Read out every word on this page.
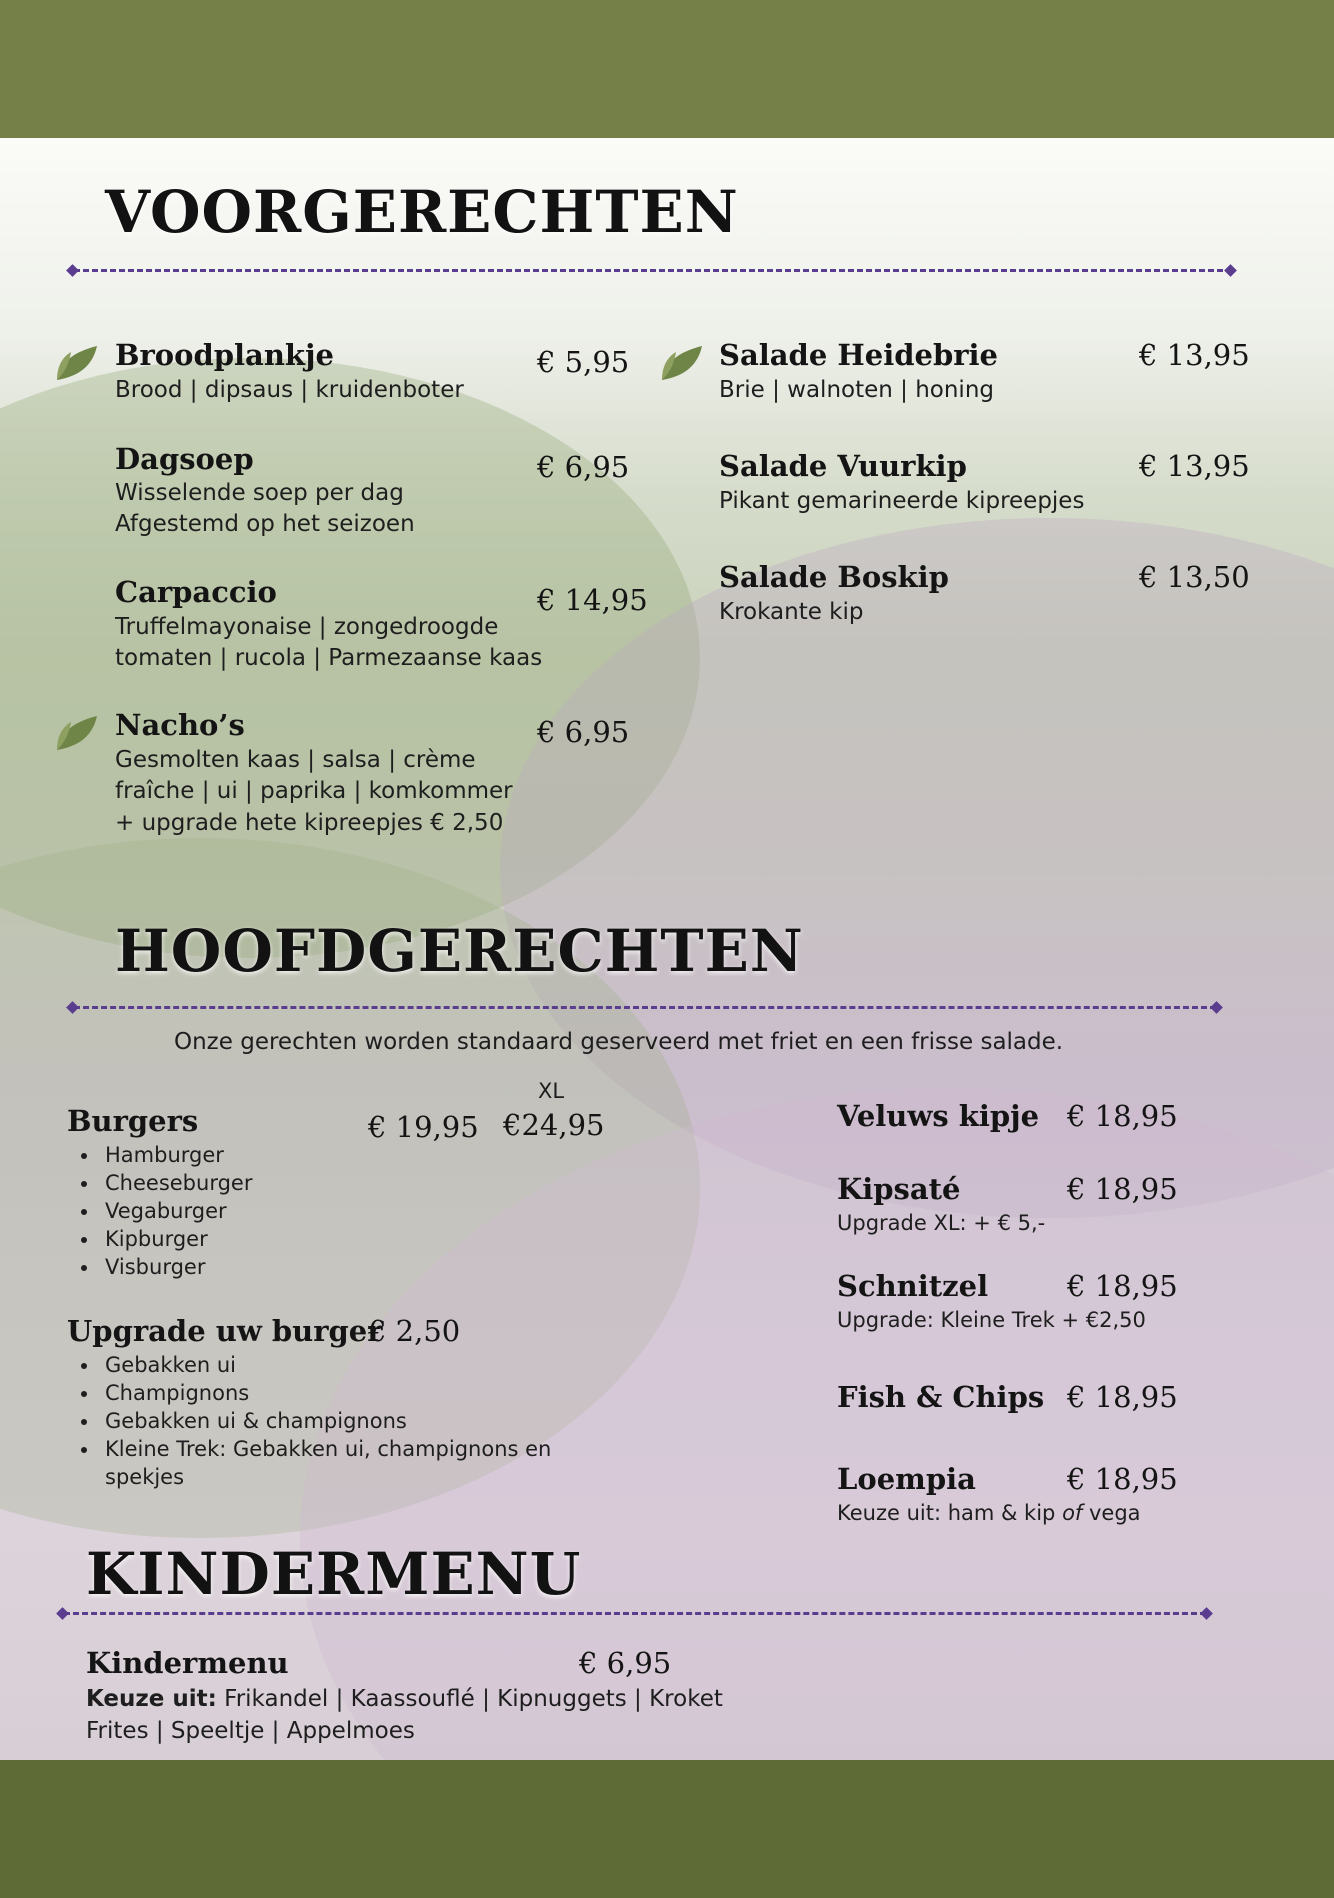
VOORGERECHTEN
Broodplankje	€ 5,95
Brood | dipsaus | kruidenboter
Dagsoep	€ 6,95
Wisselende soep per dag
Afgestemd op het seizoen
Carpaccio	€ 14,95
Truffelmayonaise | zongedroogde
tomaten | rucola | Parmezaanse kaas
Nacho’s	€ 6,95
Gesmolten kaas | salsa | crème
fraîche | ui | paprika | komkommer
+ upgrade hete kipreepjes € 2,50
Salade Heidebrie	€ 13,95
Brie | walnoten | honing
Salade Vuurkip	€ 13,95
Pikant gemarineerde kipreepjes
Salade Boskip	€ 13,50
Krokante kip
HOOFDGERECHTEN
Onze gerechten worden standaard geserveerd met friet en een frisse salade.
XL
Burgers	€ 19,95 €24,95
Hamburger
Cheeseburger
Vegaburger
Kipburger
Visburger
Upgrade uw burger
€ 2,50
Gebakken ui
Champignons
Gebakken ui & champignons
Kleine Trek: Gebakken ui, champignons en
spekjes
Veluws kipje € 18,95
Kipsaté	€ 18,95
Upgrade XL: + € 5,-
Schnitzel	€ 18,95
Upgrade: Kleine Trek + €2,50
Fish & Chips € 18,95
Loempia	€ 18,95
Keuze uit: ham & kip of vega
KINDERMENU
Kindermenu	€ 6,95
Keuze uit: Frikandel | Kaassouflé | Kipnuggets | Kroket
Frites | Speeltje | Appelmoes
